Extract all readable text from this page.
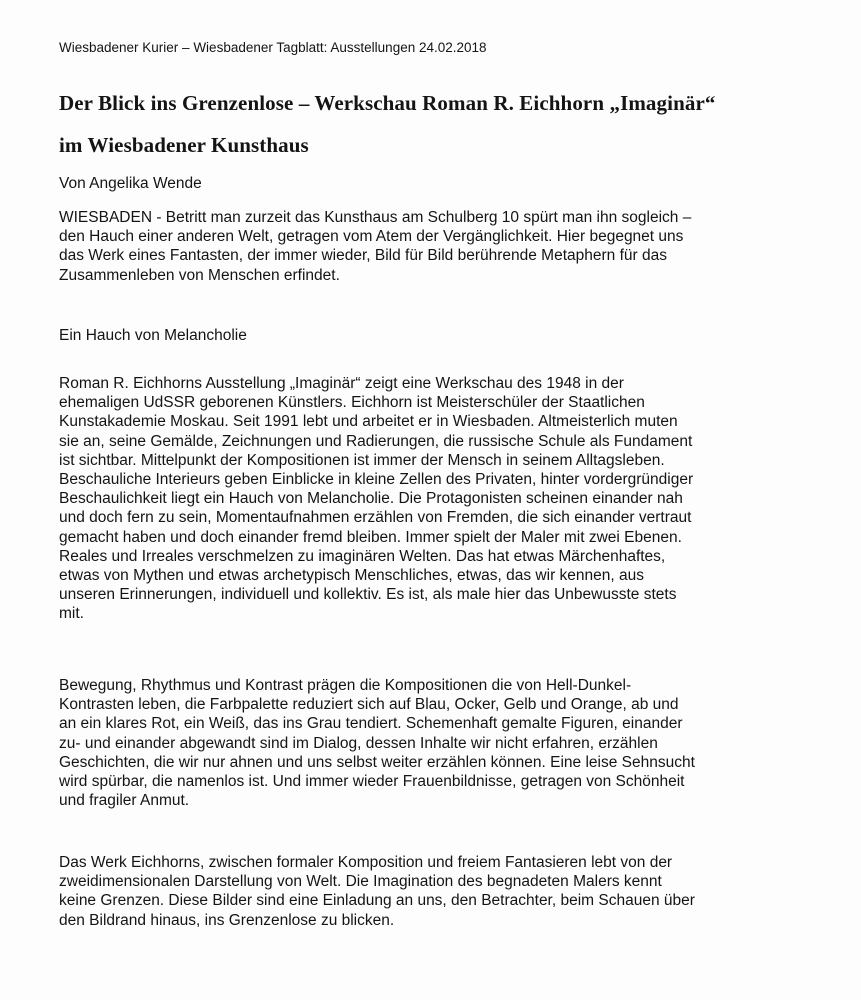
Wiesbadener Kurier – Wiesbadener Tagblatt: Ausstellungen 24.02.2018
Der Blick ins Grenzenlose – Werkschau Roman R. Eichhorn „Imaginär“
im Wiesbadener Kunsthaus
Von Angelika Wende
WIESBADEN - Betritt man zurzeit das Kunsthaus am Schulberg 10 spürt man ihn sogleich –
den Hauch einer anderen Welt, getragen vom Atem der Vergänglichkeit. Hier begegnet uns
das Werk eines Fantasten, der immer wieder, Bild für Bild berührende Metaphern für das
Zusammenleben von Menschen erfindet.
Ein Hauch von Melancholie
Roman R. Eichhorns Ausstellung „Imaginär“ zeigt eine Werkschau des 1948 in der
ehemaligen UdSSR geborenen Künstlers. Eichhorn ist Meisterschüler der Staatlichen
Kunstakademie Moskau. Seit 1991 lebt und arbeitet er in Wiesbaden. Altmeisterlich muten
sie an, seine Gemälde, Zeichnungen und Radierungen, die russische Schule als Fundament
ist sichtbar. Mittelpunkt der Kompositionen ist immer der Mensch in seinem Alltagsleben.
Beschauliche Interieurs geben Einblicke in kleine Zellen des Privaten, hinter vordergründiger
Beschaulichkeit liegt ein Hauch von Melancholie. Die Protagonisten scheinen einander nah
und doch fern zu sein, Momentaufnahmen erzählen von Fremden, die sich einander vertraut
gemacht haben und doch einander fremd bleiben. Immer spielt der Maler mit zwei Ebenen.
Reales und Irreales verschmelzen zu imaginären Welten. Das hat etwas Märchenhaftes,
etwas von Mythen und etwas archetypisch Menschliches, etwas, das wir kennen, aus
unseren Erinnerungen, individuell und kollektiv. Es ist, als male hier das Unbewusste stets
mit.
Bewegung, Rhythmus und Kontrast prägen die Kompositionen die von Hell-Dunkel-
Kontrasten leben, die Farbpalette reduziert sich auf Blau, Ocker, Gelb und Orange, ab und
an ein klares Rot, ein Weiß, das ins Grau tendiert. Schemenhaft gemalte Figuren, einander
zu- und einander abgewandt sind im Dialog, dessen Inhalte wir nicht erfahren, erzählen
Geschichten, die wir nur ahnen und uns selbst weiter erzählen können. Eine leise Sehnsucht
wird spürbar, die namenlos ist. Und immer wieder Frauenbildnisse, getragen von Schönheit
und fragiler Anmut.
Das Werk Eichhorns, zwischen formaler Komposition und freiem Fantasieren lebt von der
zweidimensionalen Darstellung von Welt. Die Imagination des begnadeten Malers kennt
keine Grenzen. Diese Bilder sind eine Einladung an uns, den Betrachter, beim Schauen über
den Bildrand hinaus, ins Grenzenlose zu blicken.
